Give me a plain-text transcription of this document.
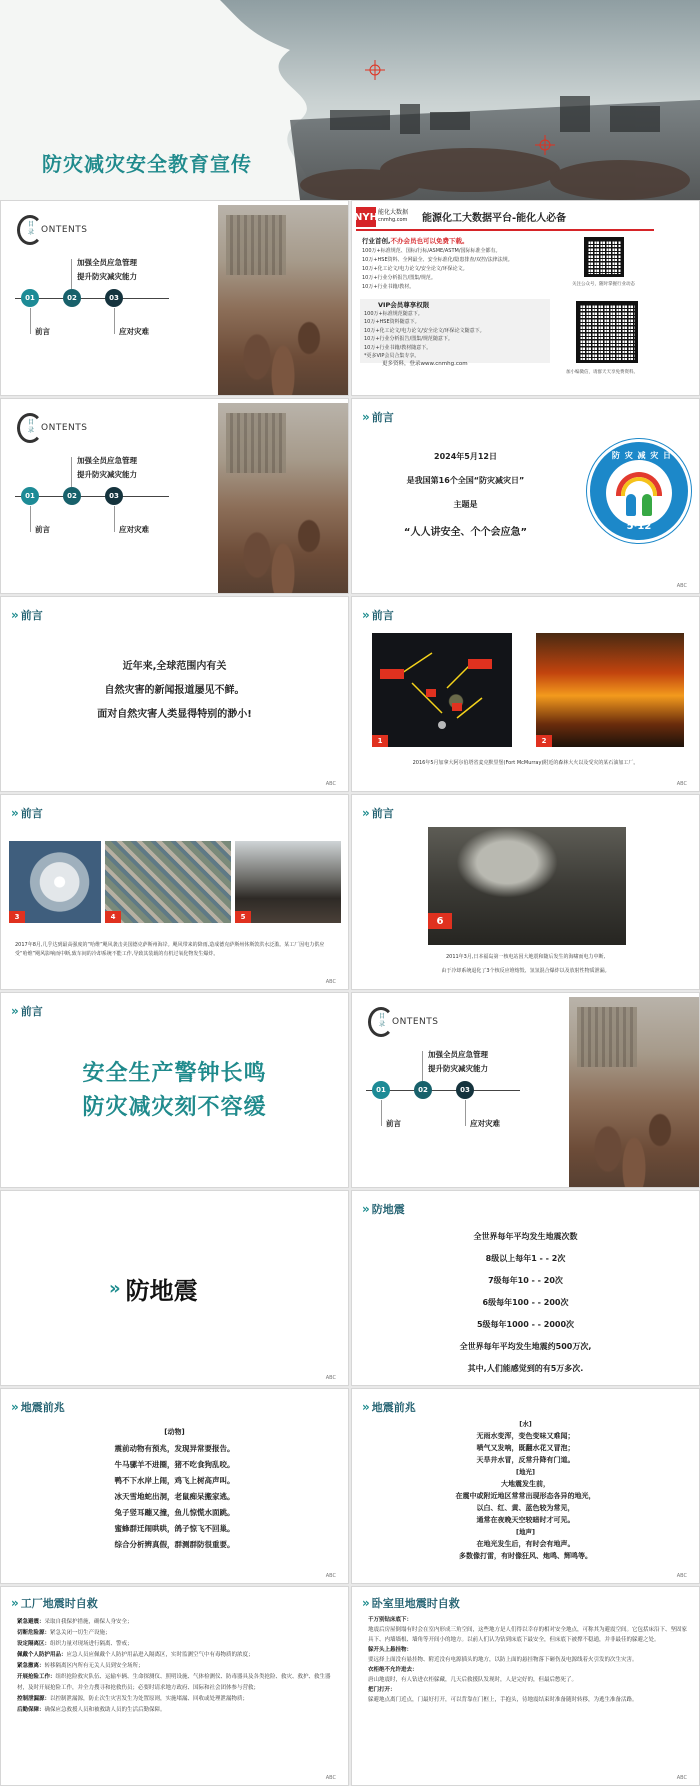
防灾减灾安全教育宣传
目录 ONTENTS
加强全员应急管理
提升防灾减灾能力
01	02	03
前言	应对灾难
NYH 能化大数据
cnmhg.com 能源化工大数据平台-能化人必备
行业首创,不办会员也可以免费下载。
100万+标准规范、国标/行标/ASME/ASTM/国际标准全都有。
10万+HSE资料、全网最全、安全标准化/隐患排查/双控/法律法规。
10万+化工论文/电力论文/安全论文/环保论文。
10万+行业分析报告/图集/规范。
10万+行业书籍/教材。
VIP会员尊享权限
100万+标准规范随意下。
10万+HSE资料随意下。
10万+化工论文/电力论文/安全论文/环保论文随意下。
10万+行业分析报告/图集/规范随意下。
10万+行业书籍/教材随意下。
*更多VIP会员合集专享。
关注公众号，随时掌握行业动态
加小编微信，请群天天享免费资料。
更多资料，登录www.cnmhg.com
目录 ONTENTS
加强全员应急管理
提升防灾减灾能力
01	02	03
前言	应对灾难
» 前言
2024年5月12日
是我国第16个全国“防灾减灾日”
主题是
“人人讲安全、个个会应急”
防 灾 减 灾 日
5·12
ABC
» 前言
近年来,全球范围内有关
自然灾害的新闻报道屡见不鲜。
面对自然灾害人类显得特别的渺小!
ABC
» 前言
1	2
2016年5月加拿大阿尔伯塔省麦克默里堡(Fort McMurray)附近的森林大火以及受灾的某石油加工厂。
ABC
» 前言
3	4	5
2017年8月,几乎达到最高强度的“哈维”飓风袭击美国德克萨斯州海岸。飓风带来的降雨,造成德克萨斯州休斯敦洪水泛滥。某工厂因电力供应受“哈维”飓风影响而中断,致车间的冷却系统不能工作,导致其装载的有机过氧化物发生爆炸。
ABC
» 前言
6
2011年3月,日本福岛第一核电站因大地震和随后发生的海啸而电力中断,
由于冷却系统退化了3个核反应堆熔毁、氢氢混合爆炸以及放射性物质泄漏。
» 前言
安全生产警钟长鸣
防灾减灾刻不容缓
目录 ONTENTS
加强全员应急管理
提升防灾减灾能力
01	02	03
前言	应对灾难
» 防地震
ABC
» 防地震
全世界每年平均发生地震次数
8级以上每年1 - - 2次
7级每年10 - - 20次
6级每年100 - - 200次
5级每年1000 - - 2000次
全世界每年平均发生地震约500万次,
其中,人们能感觉到的有5万多次.
» 地震前兆
[动物]
震前动物有预兆，发现异常要报告。
牛马骡羊不进圈，猪不吃食狗乱咬。
鸭不下水岸上闹，鸡飞上树高声叫。
冰天雪地蛇出洞，老鼠痴呆搬家逃。
兔子竖耳蹦又撞，鱼儿惊慌水面跳。
蜜蜂群迁闹哄哄，鸽子惊飞不回巢。
综合分析辨真假，群测群防很重要。
ABC
» 地震前兆
[水]
无雨水变浑，变色变味又难闻；
喷气又发响，既翻水花又冒泡；
天旱井水冒，反常升降有门道。
[地光]
大地震发生前，
在震中或附近地区常常出现形态各异的地光，
以白、红、黄、蓝色较为常见，
通常在夜晚天空较暗时才可见。
[地声]
在地光发生后，有时会有地声。
多数像打雷，有时像狂风、炮鸣、辉鸣等。
ABC
» 工厂地震时自救
紧急避震：采取自我保护措施，确保人身安全；
切断危险源：紧急关闭一切生产设施；
设定隔离区：组织力量对现场进行隔离、警戒；
佩戴个人防护用品：应急人员应佩戴个人防护用品进入隔离区，实时监测空气中有毒物质的浓度；
紧急撤离：转移隔离区内所有无关人员到安全场所；
开展抢险工作：组织抢险救灾队伍、运输车辆、生命探测仪、照明设施、气体检测仪、防毒器具及各类抢险、救灾、救护、救生器材，及时开展抢险工作，并全力搜寻和抢救伤员；必要时请求地方政府、国际和社会团体参与营救；
控制泄漏源：以控制泄漏源，防止次生灾害发生为处置原则，实施堵漏、回收或处理泄漏物质；
后勤保障：确保应急救援人员和被救助人员的生活后勤保障。
ABC
» 卧室里地震时自救
千万别钻床底下：
地震后房屋倒塌有时会在室内形成三角空间，这些地方是人们得以幸存的相对安全地点，可称其为避震空间。它包括床沿下、坚固家具下、内墙墙根、墙角等开间小的地方。以前人们认为钻到床底下最安全，但床底下被撑不稳通，并非最佳的躲避之处。
躲开头上悬挂物：
要远择上面没有悬挂物、附近没有电源插头的地方，以防上面的悬挂物落下砸伤及电源线着火引发的次生灾害。
衣柜绝不允许进去：
唐山地震时，有人钻进衣柜躲藏，几天后救援队发现时，人是完好的，但最后憋死了。
把门打开：
躲避地点离门近点，门最好打开，可以背靠在门框上，手抱头，待地震结束时准备随时转移，为逃生准备活路。
ABC
